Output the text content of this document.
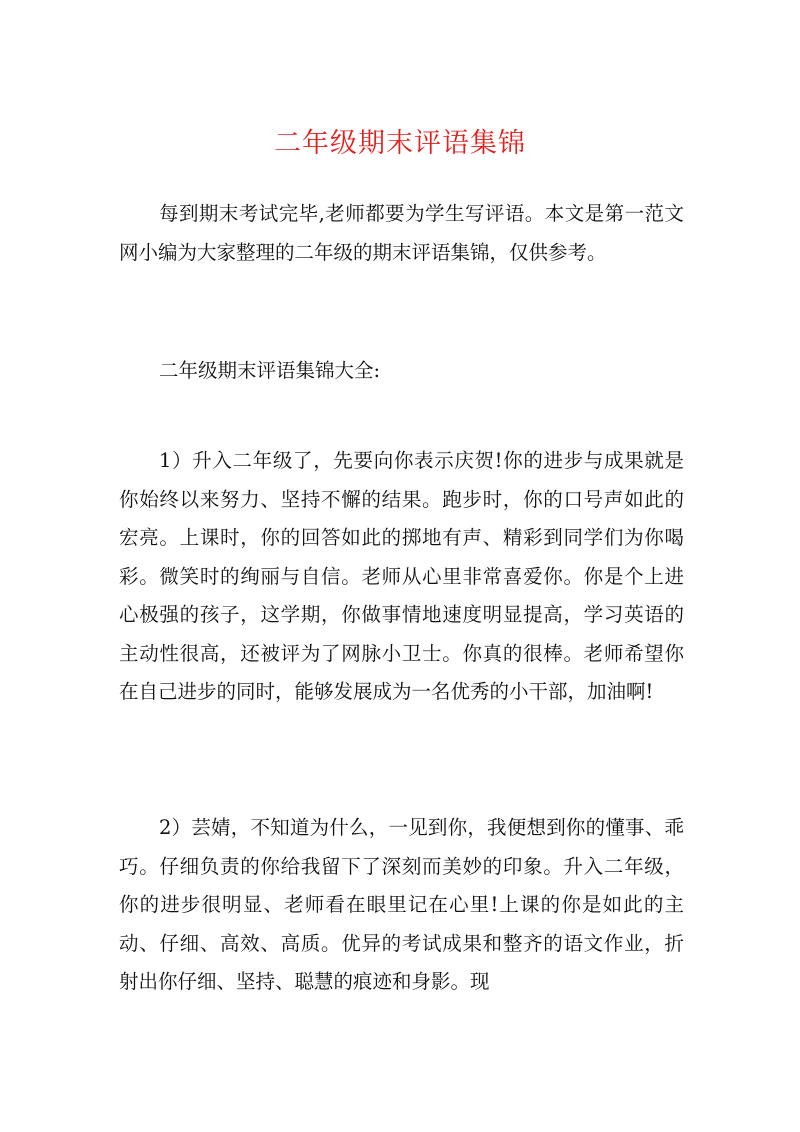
二年级期末评语集锦

每到期末考试完毕,老师都要为学生写评语。本文是第一范文网小编为大家整理的二年级的期末评语集锦，仅供参考。

二年级期末评语集锦大全:

1）升入二年级了，先要向你表示庆贺!你的进步与成果就是你始终以来努力、坚持不懈的结果。跑步时，你的口号声如此的宏亮。上课时，你的回答如此的掷地有声、精彩到同学们为你喝彩。微笑时的绚丽与自信。老师从心里非常喜爱你。你是个上进心极强的孩子，这学期，你做事情地速度明显提高，学习英语的主动性很高，还被评为了网脉小卫士。你真的很棒。老师希望你在自己进步的同时，能够发展成为一名优秀的小干部，加油啊!

2）芸婧，不知道为什么，一见到你，我便想到你的懂事、乖巧。仔细负责的你给我留下了深刻而美妙的印象。升入二年级，你的进步很明显、老师看在眼里记在心里!上课的你是如此的主动、仔细、高效、高质。优异的考试成果和整齐的语文作业，折射出你仔细、坚持、聪慧的痕迹和身影。现
